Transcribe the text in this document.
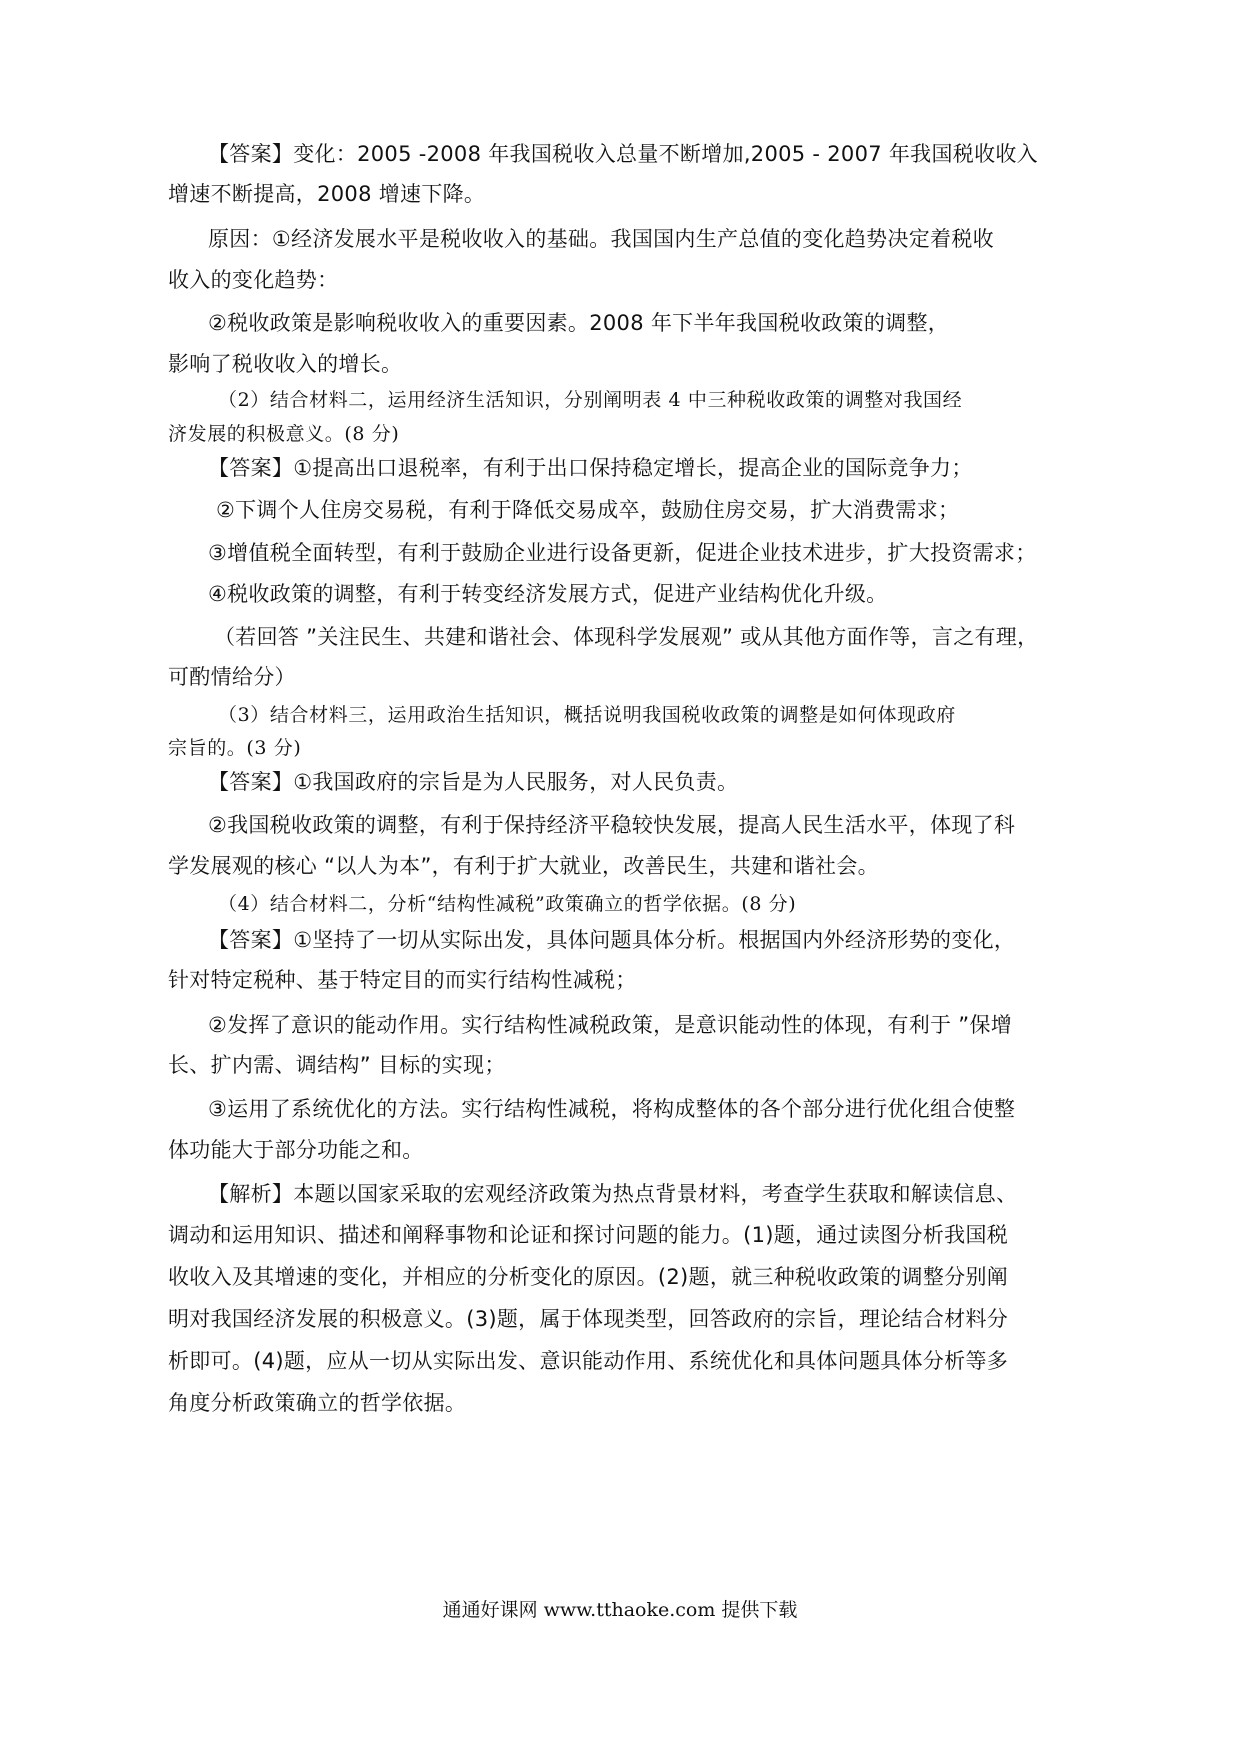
【答案】变化：2005 -2008 年我国税收入总量不断增加,2005 - 2007 年我国税收收入
增速不断提高，2008 增速下降。
原因：①经济发展水平是税收收入的基础。我国国内生产总值的变化趋势决定着税收
收入的变化趋势：
②税收政策是影响税收收入的重要因素。2008 年下半年我国税收政策的调整，
影响了税收收入的增长。
（2）结合材料二，运用经济生活知识，分别阐明表 4 中三种税收政策的调整对我国经
济发展的积极意义。(8 分)
【答案】①提高出口退税率，有利于出口保持稳定增长，提高企业的国际竞争力；
②下调个人住房交易税，有利于降低交易成卒，鼓励住房交易，扩大消费需求；
③增值税全面转型，有利于鼓励企业进行设备更新，促进企业技术进步，扩大投资需求；
④税收政策的调整，有利于转变经济发展方式，促进产业结构优化升级。
（若回答 ”关注民生、共建和谐社会、体现科学发展观” 或从其他方面作等，言之有理，
可酌情给分）
（3）结合材料三，运用政治生括知识，概括说明我国税收政策的调整是如何体现政府
宗旨的。(3 分)
【答案】①我国政府的宗旨是为人民服务，对人民负责。
②我国税收政策的调整，有利于保持经济平稳较快发展，提高人民生活水平，体现了科
学发展观的核心 “以人为本”，有利于扩大就业，改善民生，共建和谐社会。
（4）结合材料二，分析“结构性减税”政策确立的哲学依据。(8 分)
【答案】①坚持了一切从实际出发，具体问题具体分析。根据国内外经济形势的变化，
针对特定税种、基于特定目的而实行结构性减税；
②发挥了意识的能动作用。实行结构性减税政策，是意识能动性的体现，有利于 ”保增
长、扩内需、调结构” 目标的实现；
③运用了系统优化的方法。实行结构性减税，将构成整体的各个部分进行优化组合使整
体功能大于部分功能之和。
【解析】本题以国家采取的宏观经济政策为热点背景材料，考查学生获取和解读信息、
调动和运用知识、描述和阐释事物和论证和探讨问题的能力。(1)题，通过读图分析我国税
收收入及其增速的变化，并相应的分析变化的原因。(2)题，就三种税收政策的调整分别阐
明对我国经济发展的积极意义。(3)题，属于体现类型，回答政府的宗旨，理论结合材料分
析即可。(4)题，应从一切从实际出发、意识能动作用、系统优化和具体问题具体分析等多
角度分析政策确立的哲学依据。
通通好课网 www.tthaoke.com 提供下载
